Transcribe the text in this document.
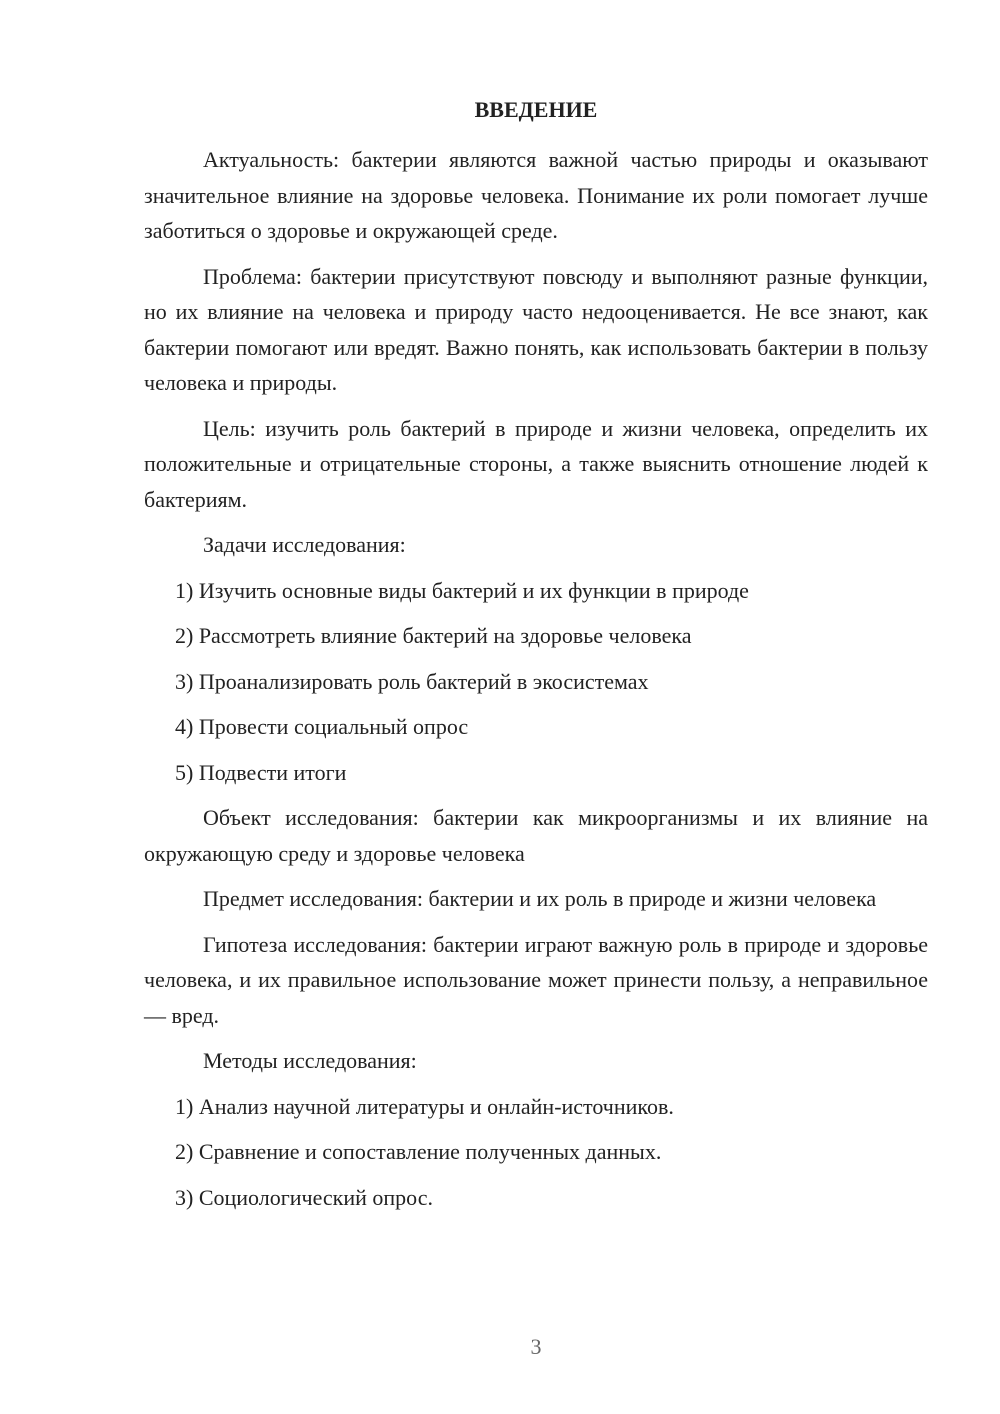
ВВЕДЕНИЕ

Актуальность: бактерии являются важной частью природы и оказывают значительное влияние на здоровье человека. Понимание их роли помогает лучше заботиться о здоровье и окружающей среде.

Проблема: бактерии присутствуют повсюду и выполняют разные функции, но их влияние на человека и природу часто недооценивается. Не все знают, как бактерии помогают или вредят. Важно понять, как использовать бактерии в пользу человека и природы.

Цель: изучить роль бактерий в природе и жизни человека, определить их положительные и отрицательные стороны, а также выяснить отношение людей к бактериям.

Задачи исследования:

1) Изучить основные виды бактерий и их функции в природе
2) Рассмотреть влияние бактерий на здоровье человека
3) Проанализировать роль бактерий в экосистемах
4) Провести социальный опрос
5) Подвести итоги

Объект исследования: бактерии как микроорганизмы и их влияние на окружающую среду и здоровье человека

Предмет исследования: бактерии и их роль в природе и жизни человека

Гипотеза исследования: бактерии играют важную роль в природе и здоровье человека, и их правильное использование может принести пользу, а неправильное — вред.

Методы исследования:

1) Анализ научной литературы и онлайн-источников.
2) Сравнение и сопоставление полученных данных.
3) Социологический опрос.
3
